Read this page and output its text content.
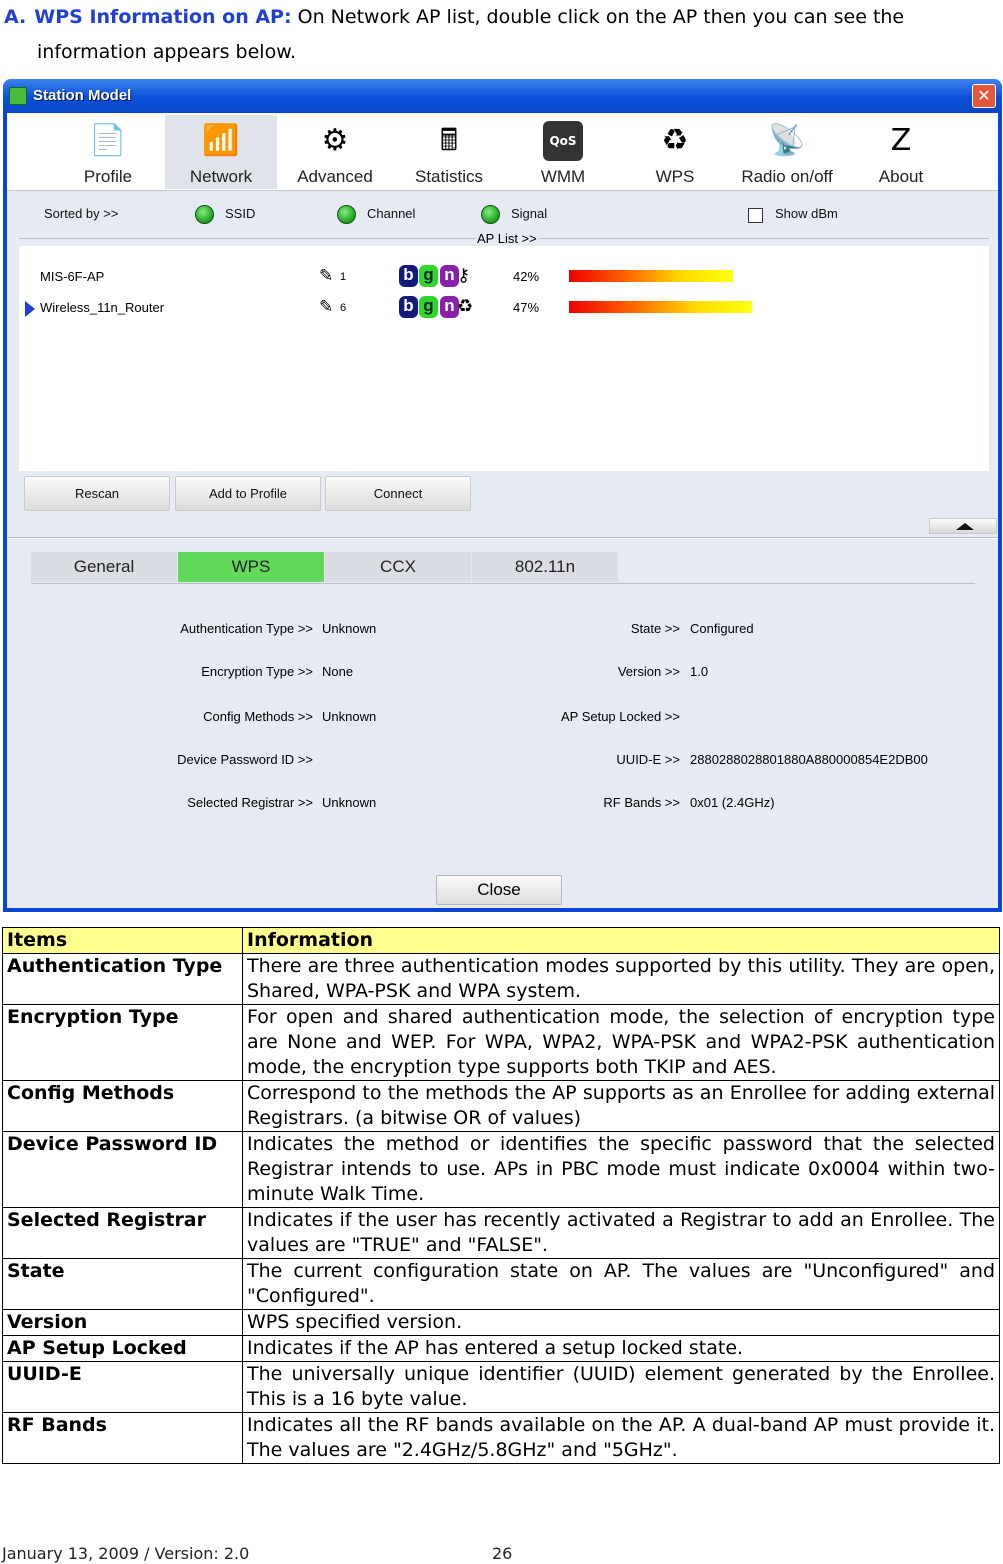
A. WPS Information on AP: On Network AP list, double click on the AP then you can see the
information appears below.
Station Model	✕
📄
Profile
📶
Network
⚙
Advanced
🖩
Statistics
QoS
WMM
♻
WPS
📡
Radio on/off
Z
About
Sorted by >>	SSID	Channel	Signal	Show dBm
AP List >>
MIS-6F-AP	✎ 1	b g n ⚷	42%
Wireless_11n_Router	✎ 6	b g n ♻	47%
Rescan	Add to Profile	Connect
General	WPS	CCX	802.11n
Authentication Type >> Unknown
Encryption Type >> None
Config Methods >> Unknown
Device Password ID >>
Selected Registrar >> Unknown
State >> Configured
Version >> 1.0
AP Setup Locked >>
UUID-E >> 2880288028801880A880000854E2DB00
RF Bands >> 0x01 (2.4GHz)
Close
Items	Information
Authentication Type	There are three authentication modes supported by this utility. They are open, Shared, WPA-PSK and WPA system.
Encryption Type	For open and shared authentication mode, the selection of encryption type are None and WEP. For WPA, WPA2, WPA-PSK and WPA2-PSK authentication mode, the encryption type supports both TKIP and AES.
Config Methods	Correspond to the methods the AP supports as an Enrollee for adding external Registrars. (a bitwise OR of values)
Device Password ID	Indicates the method or identifies the specific password that the selected Registrar intends to use. APs in PBC mode must indicate 0x0004 within two-minute Walk Time.
Selected Registrar	Indicates if the user has recently activated a Registrar to add an Enrollee. The values are "TRUE" and "FALSE".
State	The current configuration state on AP. The values are "Unconfigured" and "Configured".
Version	WPS specified version.
AP Setup Locked	Indicates if the AP has entered a setup locked state.
UUID-E	The universally unique identifier (UUID) element generated by the Enrollee. This is a 16 byte value.
RF Bands	Indicates all the RF bands available on the AP. A dual-band AP must provide it. The values are "2.4GHz/5.8GHz" and "5GHz".
January 13, 2009 / Version: 2.0	26
